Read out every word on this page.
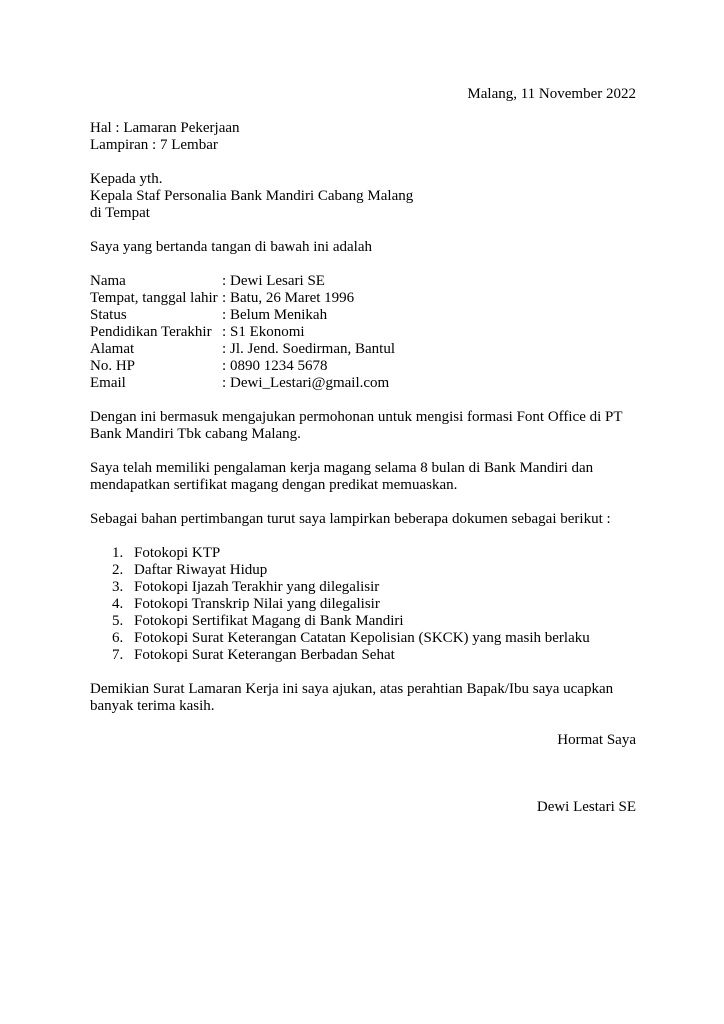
Malang, 11 November 2022

Hal : Lamaran Pekerjaan

Lampiran : 7 Lembar

Kepada yth.

Kepala Staf Personalia Bank Mandiri Cabang Malang

di Tempat

Saya yang bertanda tangan di bawah ini adalah

Nama	: Dewi Lesari SE
Tempat, tanggal lahir : Batu, 26 Maret 1996
Status	: Belum Menikah
Pendidikan Terakhir : S1 Ekonomi
Alamat	: Jl. Jend. Soedirman, Bantul
No. HP	: 0890 1234 5678
Email	: Dewi_Lestari@gmail.com

Dengan ini bermasuk mengajukan permohonan untuk mengisi formasi Font Office di PT Bank Mandiri Tbk cabang Malang.

Saya telah memiliki pengalaman kerja magang selama 8 bulan di Bank Mandiri dan mendapatkan sertifikat magang dengan predikat memuaskan.

Sebagai bahan pertimbangan turut saya lampirkan beberapa dokumen sebagai berikut :

1. Fotokopi KTP
2. Daftar Riwayat Hidup
3. Fotokopi Ijazah Terakhir yang dilegalisir
4. Fotokopi Transkrip Nilai yang dilegalisir
5. Fotokopi Sertifikat Magang di Bank Mandiri
6. Fotokopi Surat Keterangan Catatan Kepolisian (SKCK) yang masih berlaku
7. Fotokopi Surat Keterangan Berbadan Sehat

Demikian Surat Lamaran Kerja ini saya ajukan, atas perahtian Bapak/Ibu saya ucapkan banyak terima kasih.

Hormat Saya

Dewi Lestari SE
